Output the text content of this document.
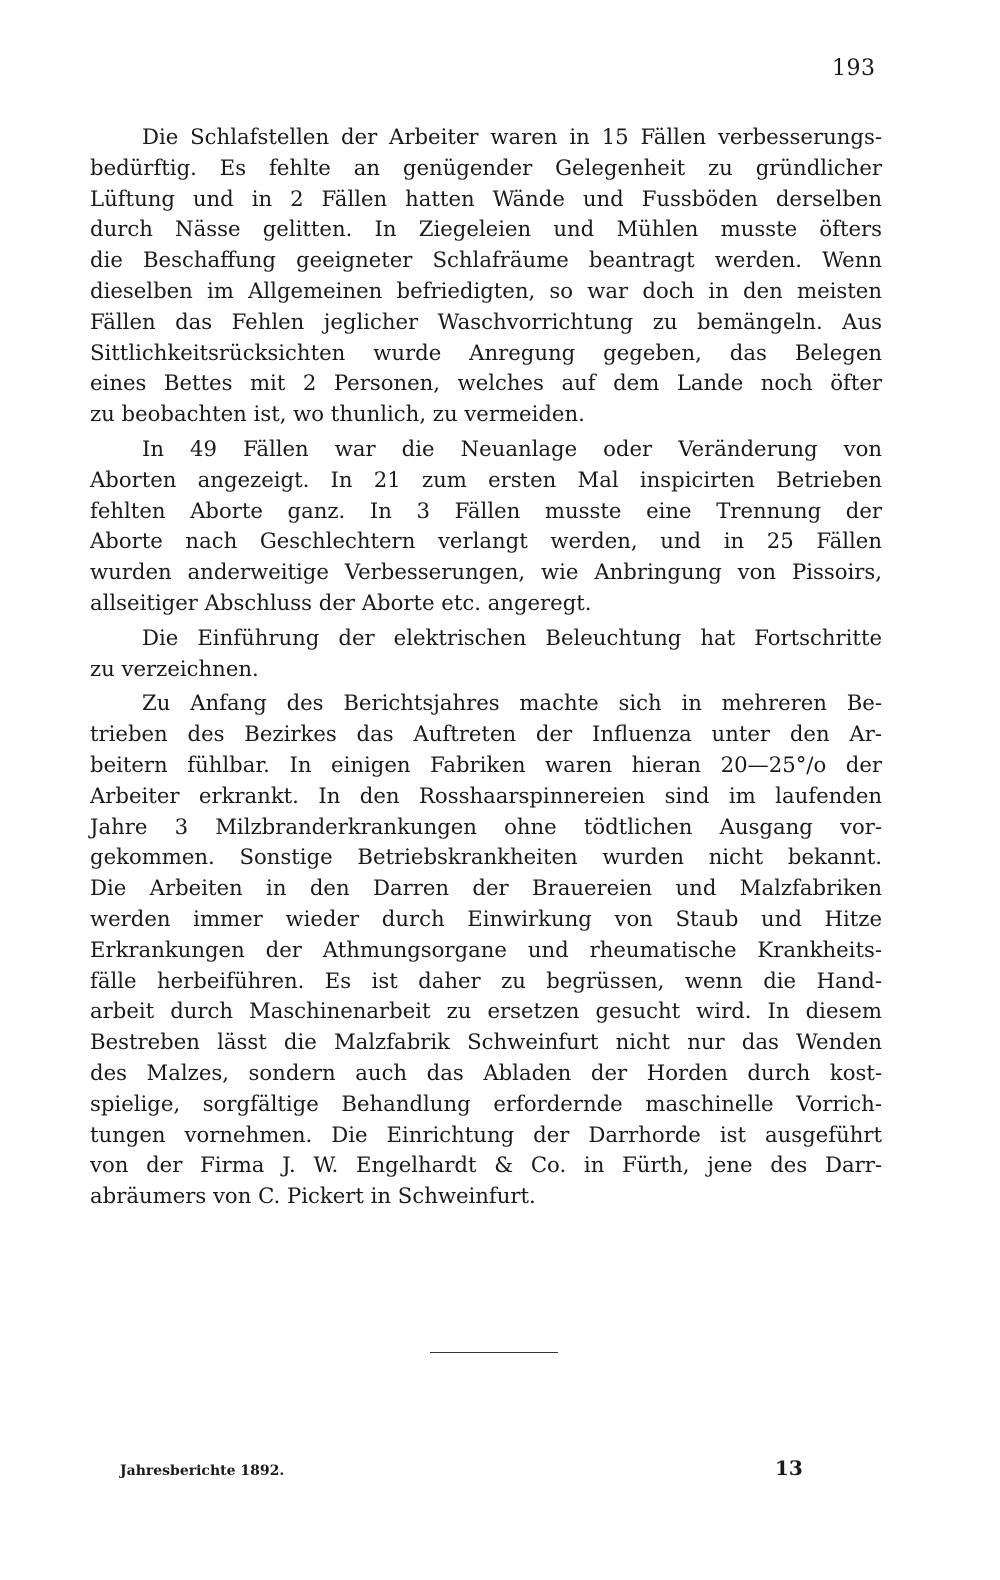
193
Die Schlafstellen der Arbeiter waren in 15 Fällen verbesserungs-
bedürftig. Es fehlte an genügender Gelegenheit zu gründlicher
Lüftung und in 2 Fällen hatten Wände und Fussböden derselben
durch Nässe gelitten. In Ziegeleien und Mühlen musste öfters
die Beschaffung geeigneter Schlafräume beantragt werden. Wenn
dieselben im Allgemeinen befriedigten, so war doch in den meisten
Fällen das Fehlen jeglicher Waschvorrichtung zu bemängeln. Aus
Sittlichkeitsrücksichten wurde Anregung gegeben, das Belegen
eines Bettes mit 2 Personen, welches auf dem Lande noch öfter
zu beobachten ist, wo thunlich, zu vermeiden.
In 49 Fällen war die Neuanlage oder Veränderung von
Aborten angezeigt. In 21 zum ersten Mal inspicirten Betrieben
fehlten Aborte ganz. In 3 Fällen musste eine Trennung der
Aborte nach Geschlechtern verlangt werden, und in 25 Fällen
wurden anderweitige Verbesserungen, wie Anbringung von Pissoirs,
allseitiger Abschluss der Aborte etc. angeregt.
Die Einführung der elektrischen Beleuchtung hat Fortschritte
zu verzeichnen.
Zu Anfang des Berichtsjahres machte sich in mehreren Be-
trieben des Bezirkes das Auftreten der Influenza unter den Ar-
beitern fühlbar. In einigen Fabriken waren hieran 20—25°/o der
Arbeiter erkrankt. In den Rosshaarspinnereien sind im laufenden
Jahre 3 Milzbranderkrankungen ohne tödtlichen Ausgang vor-
gekommen. Sonstige Betriebskrankheiten wurden nicht bekannt.
Die Arbeiten in den Darren der Brauereien und Malzfabriken
werden immer wieder durch Einwirkung von Staub und Hitze
Erkrankungen der Athmungsorgane und rheumatische Krankheits-
fälle herbeiführen. Es ist daher zu begrüssen, wenn die Hand-
arbeit durch Maschinenarbeit zu ersetzen gesucht wird. In diesem
Bestreben lässt die Malzfabrik Schweinfurt nicht nur das Wenden
des Malzes, sondern auch das Abladen der Horden durch kost-
spielige, sorgfältige Behandlung erfordernde maschinelle Vorrich-
tungen vornehmen. Die Einrichtung der Darrhorde ist ausgeführt
von der Firma J. W. Engelhardt & Co. in Fürth, jene des Darr-
abräumers von C. Pickert in Schweinfurt.
Jahresberichte 1892.	13
